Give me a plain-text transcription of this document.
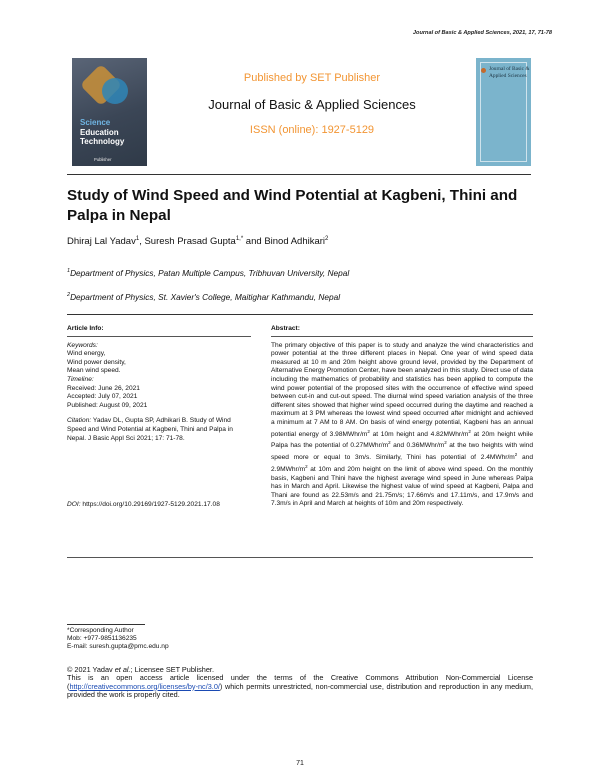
Journal of Basic & Applied Sciences, 2021, 17, 71-78
Science
Education
Technology
Publisher
Published by SET Publisher
Journal of Basic & Applied Sciences
ISSN (online): 1927-5129
Journal of Basic & Applied Sciences
Study of Wind Speed and Wind Potential at Kagbeni, Thini and Palpa in Nepal
Dhiraj Lal Yadav$^1$, Suresh Prasad Gupta$^{1,*}$ and Binod Adhikari$^2$
$^1$Department of Physics, Patan Multiple Campus, Tribhuvan University, Nepal
$^2$Department of Physics, St. Xavier's College, Maitighar Kathmandu, Nepal
Article Info:
Keywords:
Wind energy,
Wind power density,
Mean wind speed.
Timeline:
Received: June 26, 2021
Accepted: July 07, 2021
Published: August 09, 2021
Citation: Yadav DL, Gupta SP, Adhikari B. Study of Wind Speed and Wind Potential at Kagbeni, Thini and Palpa in Nepal. J Basic Appl Sci 2021; 17: 71-78.
DOI: https://doi.org/10.29169/1927-5129.2021.17.08
Abstract:
The primary objective of this paper is to study and analyze the wind characteristics and power potential at the three different places in Nepal. One year of wind speed data measured at 10 m and 20m height above ground level, provided by the Department of Alternative Energy Promotion Center, have been analyzed in this study. Direct use of data including the mathematics of probability and statistics has been applied to compute the wind power potential of the proposed sites with the occurrence of effective wind speed between cut-in and cut-out speed. The diurnal wind speed variation analysis of the three different sites showed that higher wind speed occurred during the daytime and reached a maximum at 3 PM whereas the lowest wind speed occurred after midnight and achieved a minimum at 7 AM to 8 AM. On basis of wind energy potential, Kagbeni has an annual potential energy of $3.98MWhr/m^2$ at 10m height and $4.82MWhr/m^2$ at 20m height while Palpa has the potential of $0.27MWhr/m^2$ and $0.36MWhr/m^2$ at the two heights with wind speed more or equal to 3m/s. Similarly, Thini has potential of $2.4MWhr/m^2$ and $2.9MWhr/m^2$ at 10m and 20m height on the limit of above wind speed. On the monthly basis, Kagbeni and Thini have the highest average wind speed in June whereas Palpa has in March and April. Likewise the highest value of wind speed at Kagbeni, Palpa and Thani are found as 22.53m/s and 21.75m/s; 17.66m/s and 17.11m/s, and 17.9m/s and 7.3m/s in April and March at heights of 10m and 20m respectively.
*Corresponding Author
Mob: +977-9851136235
E-mail: suresh.gupta@pmc.edu.np
© 2021 Yadav et al.; Licensee SET Publisher.
This is an open access article licensed under the terms of the Creative Commons Attribution Non-Commercial License (http://creativecommons.org/licenses/by-nc/3.0/) which permits unrestricted, non-commercial use, distribution and reproduction in any medium, provided the work is properly cited.
71
